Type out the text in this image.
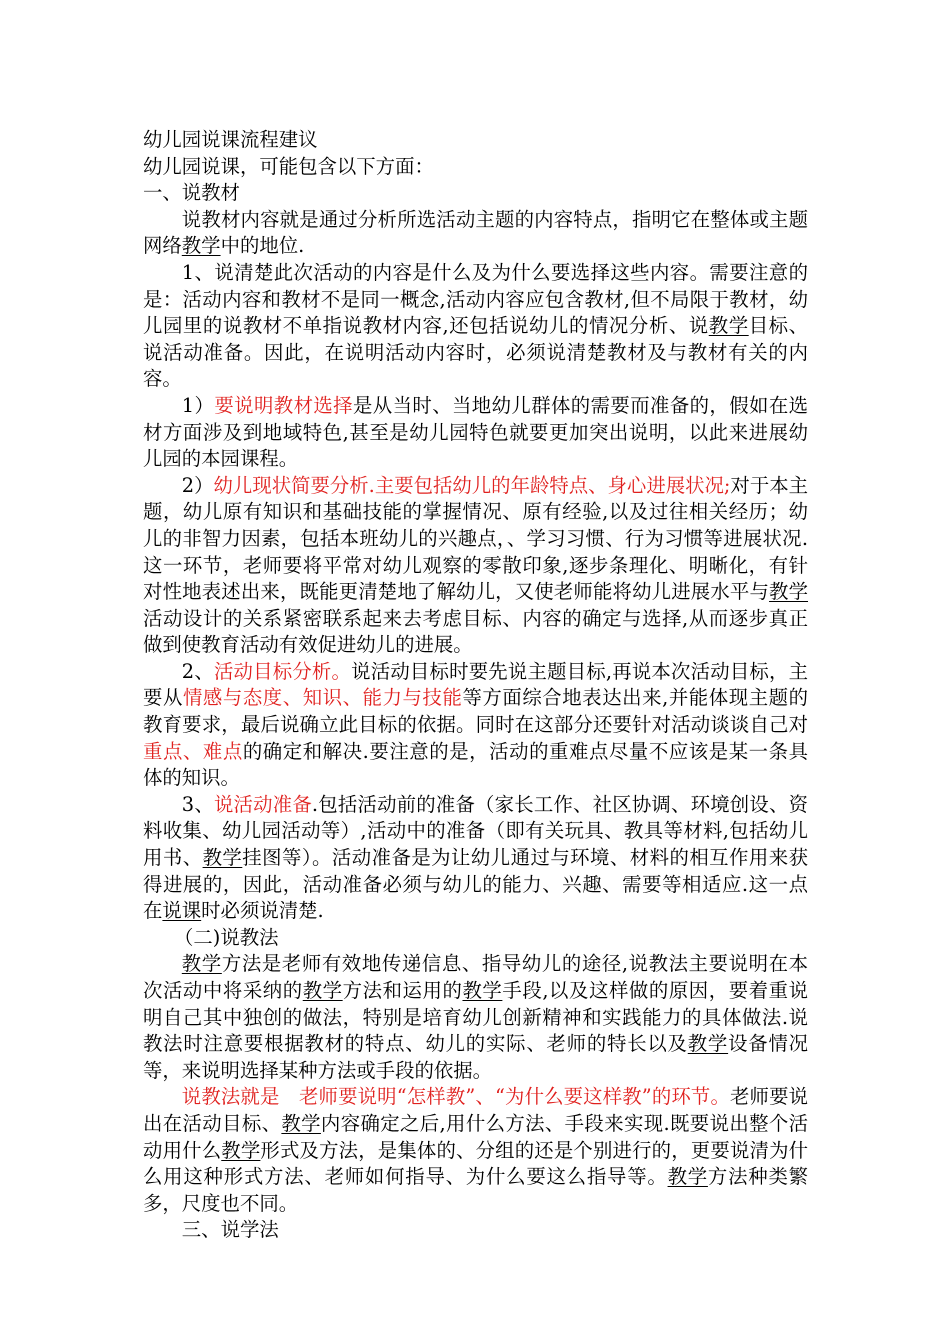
幼儿园说课流程建议

幼儿园说课，可能包含以下方面：

一、说教材

说教材内容就是通过分析所选活动主题的内容特点，指明它在整体或主题网络教学中的地位.

1、说清楚此次活动的内容是什么及为什么要选择这些内容。需要注意的是：活动内容和教材不是同一概念,活动内容应包含教材,但不局限于教材，幼儿园里的说教材不单指说教材内容,还包括说幼儿的情况分析、说教学目标、说活动准备。因此，在说明活动内容时，必须说清楚教材及与教材有关的内容。

1）要说明教材选择是从当时、当地幼儿群体的需要而准备的，假如在选材方面涉及到地域特色,甚至是幼儿园特色就要更加突出说明，以此来进展幼儿园的本园课程。

2）幼儿现状简要分析.主要包括幼儿的年龄特点、身心进展状况;对于本主题，幼儿原有知识和基础技能的掌握情况、原有经验,以及过往相关经历；幼儿的非智力因素，包括本班幼儿的兴趣点，、学习习惯、行为习惯等进展状况.这一环节，老师要将平常对幼儿观察的零散印象,逐步条理化、明晰化，有针对性地表述出来，既能更清楚地了解幼儿，又使老师能将幼儿进展水平与教学活动设计的关系紧密联系起来去考虑目标、内容的确定与选择,从而逐步真正做到使教育活动有效促进幼儿的进展。

2、活动目标分析。说活动目标时要先说主题目标,再说本次活动目标，主要从情感与态度、知识、能力与技能等方面综合地表达出来,并能体现主题的教育要求，最后说确立此目标的依据。同时在这部分还要针对活动谈谈自己对重点、难点的确定和解决.要注意的是，活动的重难点尽量不应该是某一条具体的知识。

3、说活动准备.包括活动前的准备（家长工作、社区协调、环境创设、资料收集、幼儿园活动等）,活动中的准备（即有关玩具、教具等材料,包括幼儿用书、教学挂图等）。活动准备是为让幼儿通过与环境、材料的相互作用来获得进展的，因此，活动准备必须与幼儿的能力、兴趣、需要等相适应.这一点在说课时必须说清楚.

（二)说教法

教学方法是老师有效地传递信息、指导幼儿的途径,说教法主要说明在本次活动中将采纳的教学方法和运用的教学手段,以及这样做的原因，要着重说明自己其中独创的做法，特别是培育幼儿创新精神和实践能力的具体做法.说教法时注意要根据教材的特点、幼儿的实际、老师的特长以及教学设备情况等，来说明选择某种方法或手段的依据。

说教法就是　老师要说明“怎样教”、“为什么要这样教”的环节。老师要说出在活动目标、教学内容确定之后,用什么方法、手段来实现.既要说出整个活动用什么教学形式及方法，是集体的、分组的还是个别进行的，更要说清为什么用这种形式方法、老师如何指导、为什么要这么指导等。教学方法种类繁多，尺度也不同。

三、说学法
